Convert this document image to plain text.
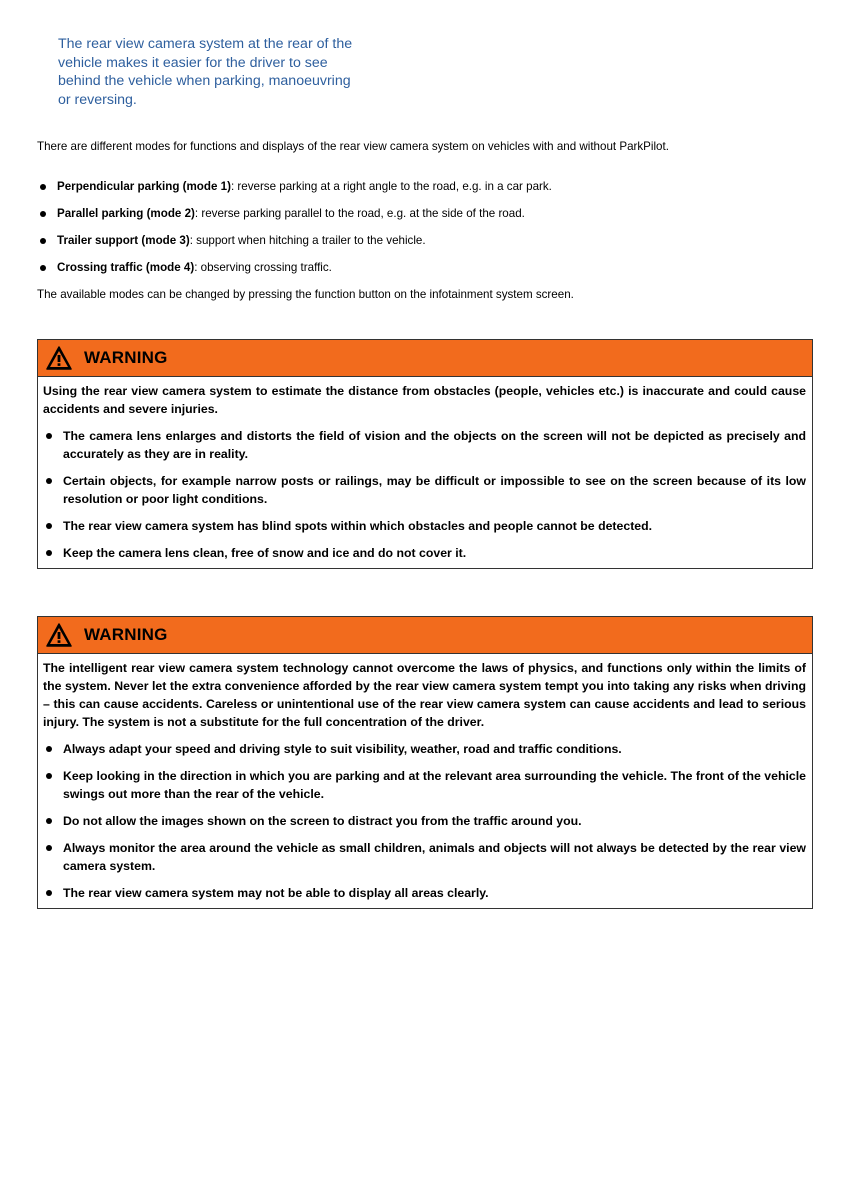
The rear view camera system at the rear of the vehicle makes it easier for the driver to see behind the vehicle when parking, manoeuvring or reversing.
There are different modes for functions and displays of the rear view camera system on vehicles with and without ParkPilot.
Perpendicular parking (mode 1): reverse parking at a right angle to the road, e.g. in a car park.
Parallel parking (mode 2): reverse parking parallel to the road, e.g. at the side of the road.
Trailer support (mode 3): support when hitching a trailer to the vehicle.
Crossing traffic (mode 4): observing crossing traffic.
The available modes can be changed by pressing the function button on the infotainment system screen.
WARNING
Using the rear view camera system to estimate the distance from obstacles (people, vehicles etc.) is inaccurate and could cause accidents and severe injuries.
The camera lens enlarges and distorts the field of vision and the objects on the screen will not be depicted as precisely and accurately as they are in reality.
Certain objects, for example narrow posts or railings, may be difficult or impossible to see on the screen because of its low resolution or poor light conditions.
The rear view camera system has blind spots within which obstacles and people cannot be detected.
Keep the camera lens clean, free of snow and ice and do not cover it.
WARNING
The intelligent rear view camera system technology cannot overcome the laws of physics, and functions only within the limits of the system. Never let the extra convenience afforded by the rear view camera system tempt you into taking any risks when driving – this can cause accidents. Careless or unintentional use of the rear view camera system can cause accidents and lead to serious injury. The system is not a substitute for the full concentration of the driver.
Always adapt your speed and driving style to suit visibility, weather, road and traffic conditions.
Keep looking in the direction in which you are parking and at the relevant area surrounding the vehicle. The front of the vehicle swings out more than the rear of the vehicle.
Do not allow the images shown on the screen to distract you from the traffic around you.
Always monitor the area around the vehicle as small children, animals and objects will not always be detected by the rear view camera system.
The rear view camera system may not be able to display all areas clearly.
